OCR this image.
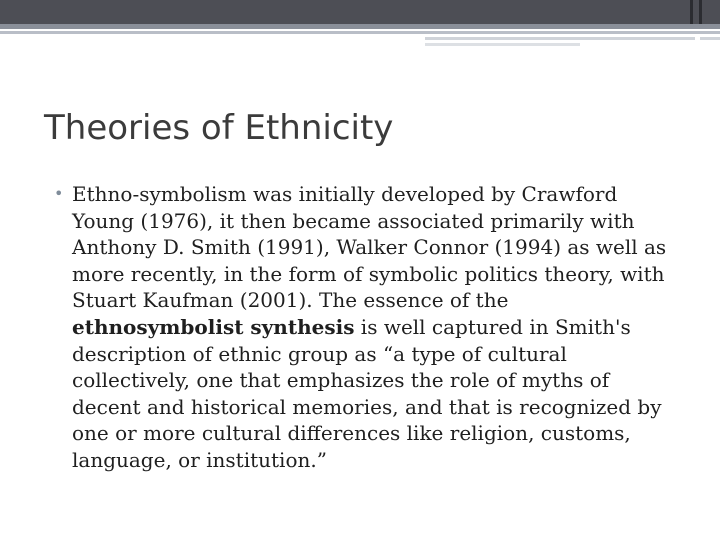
Theories of Ethnicity
• Ethno-symbolism was initially developed by Crawford Young (1976), it then became associated primarily with Anthony D. Smith (1991), Walker Connor (1994) as well as more recently, in the form of symbolic politics theory, with Stuart Kaufman (2001). The essence of the ethnosymbolist synthesis is well captured in Smith's description of ethnic group as “a type of cultural collectively, one that emphasizes the role of myths of decent and historical memories, and that is recognized by one or more cultural differences like religion, customs, language, or institution.”
